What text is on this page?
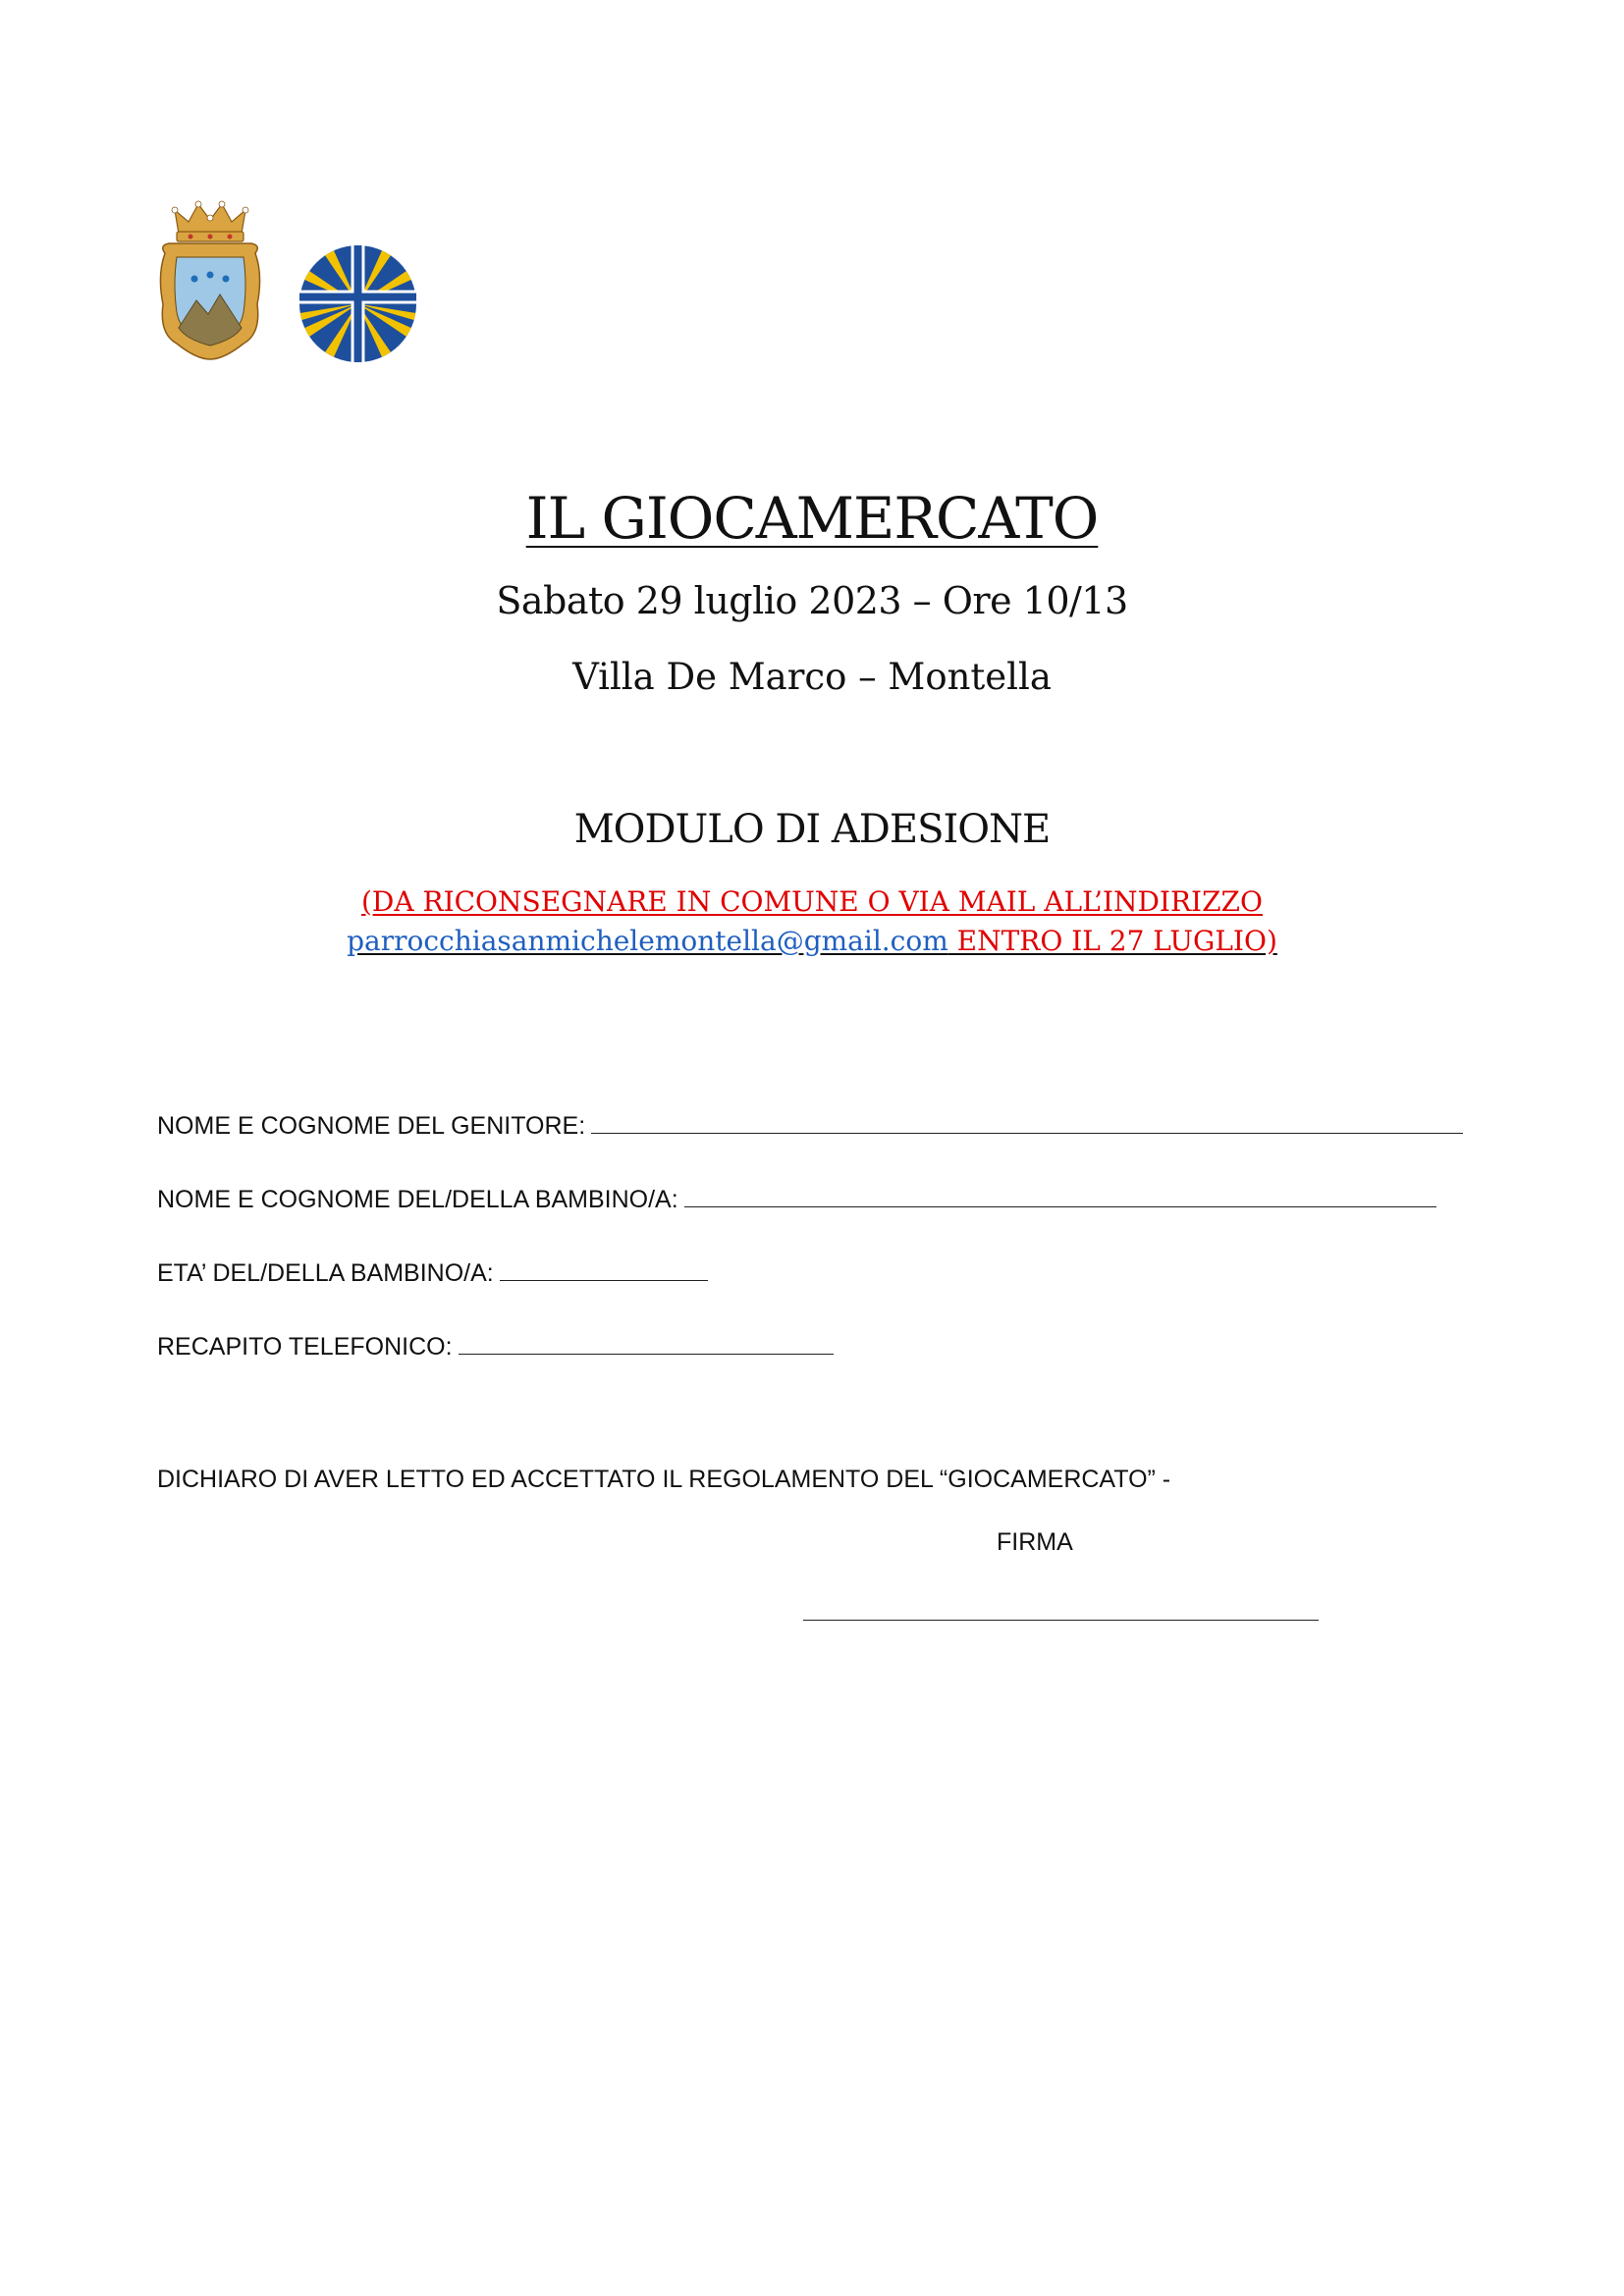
IL GIOCAMERCATO
Sabato 29 luglio 2023 – Ore 10/13
Villa De Marco – Montella
MODULO DI ADESIONE
(DA RICONSEGNARE IN COMUNE O VIA MAIL ALL’INDIRIZZO
parrocchiasanmichelemontella@gmail.com ENTRO IL 27 LUGLIO)
NOME E COGNOME DEL GENITORE:
NOME E COGNOME DEL/DELLA BAMBINO/A:
ETA’ DEL/DELLA BAMBINO/A:
RECAPITO TELEFONICO:
DICHIARO DI AVER LETTO ED ACCETTATO IL REGOLAMENTO DEL “GIOCAMERCATO” -
FIRMA
